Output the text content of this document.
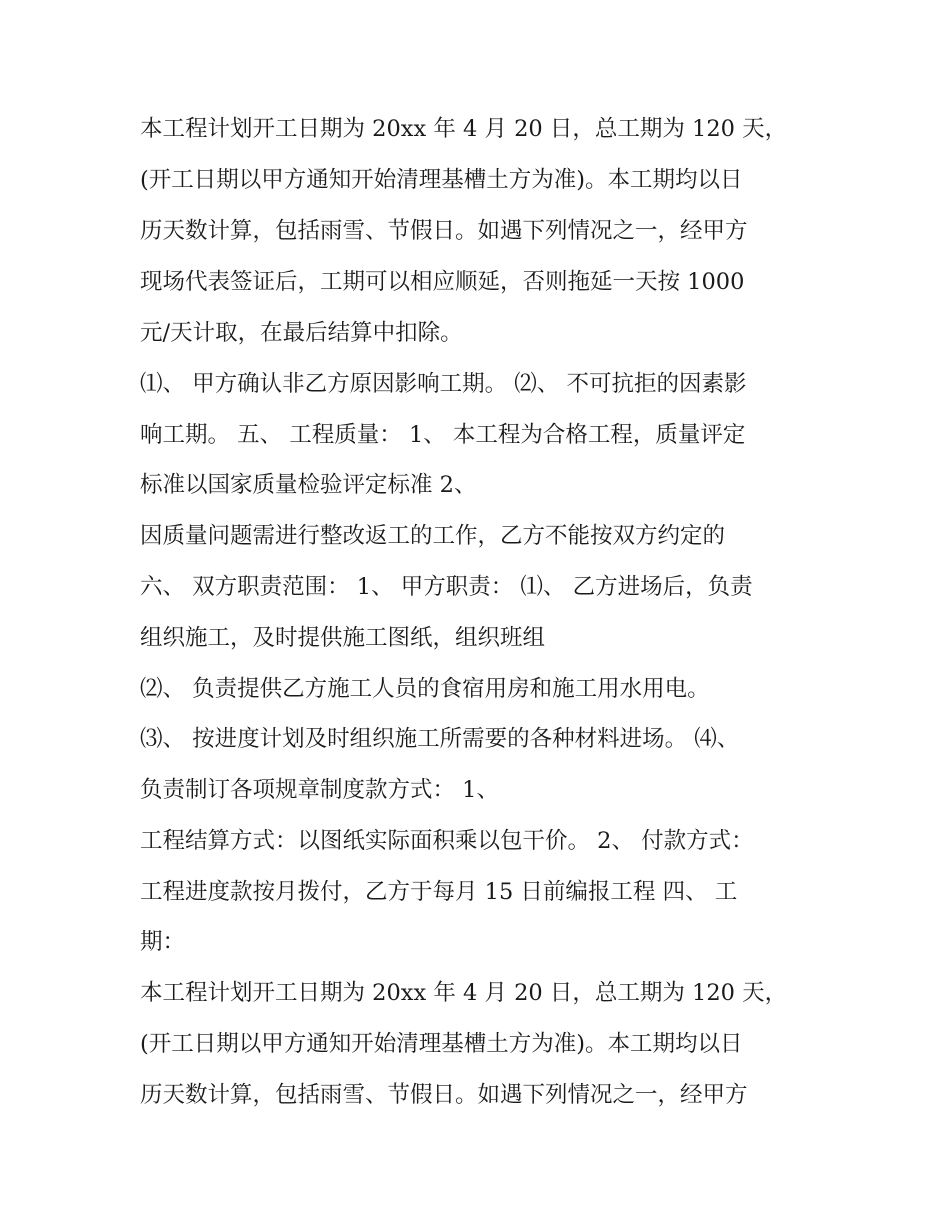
本工程计划开工日期为 20xx 年 4 月 20 日，总工期为 120 天，
(开工日期以甲方通知开始清理基槽土方为准)。本工期均以日
历天数计算，包括雨雪、节假日。如遇下列情况之一，经甲方
现场代表签证后，工期可以相应顺延，否则拖延一天按 1000
元/天计取，在最后结算中扣除。
⑴、 甲方确认非乙方原因影响工期。 ⑵、 不可抗拒的因素影
响工期。 五、 工程质量： 1、 本工程为合格工程，质量评定
标准以国家质量检验评定标准 2、
因质量问题需进行整改返工的工作，乙方不能按双方约定的
六、 双方职责范围： 1、 甲方职责： ⑴、 乙方进场后，负责
组织施工，及时提供施工图纸，组织班组
⑵、 负责提供乙方施工人员的食宿用房和施工用水用电。
⑶、 按进度计划及时组织施工所需要的各种材料进场。 ⑷、
负责制订各项规章制度款方式： 1、
工程结算方式：以图纸实际面积乘以包干价。 2、 付款方式：
工程进度款按月拨付，乙方于每月 15 日前编报工程 四、 工
期：
本工程计划开工日期为 20xx 年 4 月 20 日，总工期为 120 天，
(开工日期以甲方通知开始清理基槽土方为准)。本工期均以日
历天数计算，包括雨雪、节假日。如遇下列情况之一，经甲方
